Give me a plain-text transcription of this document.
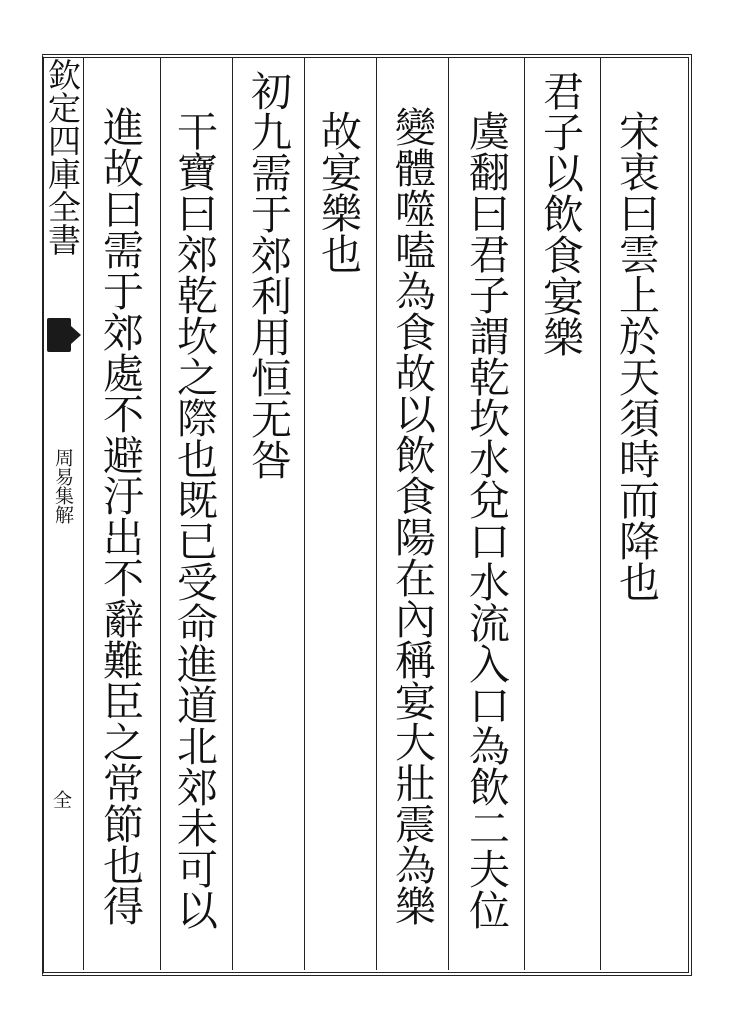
欽定四庫全書
周易集解
全
宋衷曰雲上於天須時而降也
君子以飲食宴樂
虞翻曰君子謂乾坎水兌口水流入口為飲二夫位
變體噬嗑為食故以飲食陽在內稱宴大壯震為樂
故宴樂也
初九需于郊利用恒无咎
干寶曰郊乾坎之際也既已受命進道北郊未可以
進故曰需于郊處不避汙出不辭難臣之常節也得
